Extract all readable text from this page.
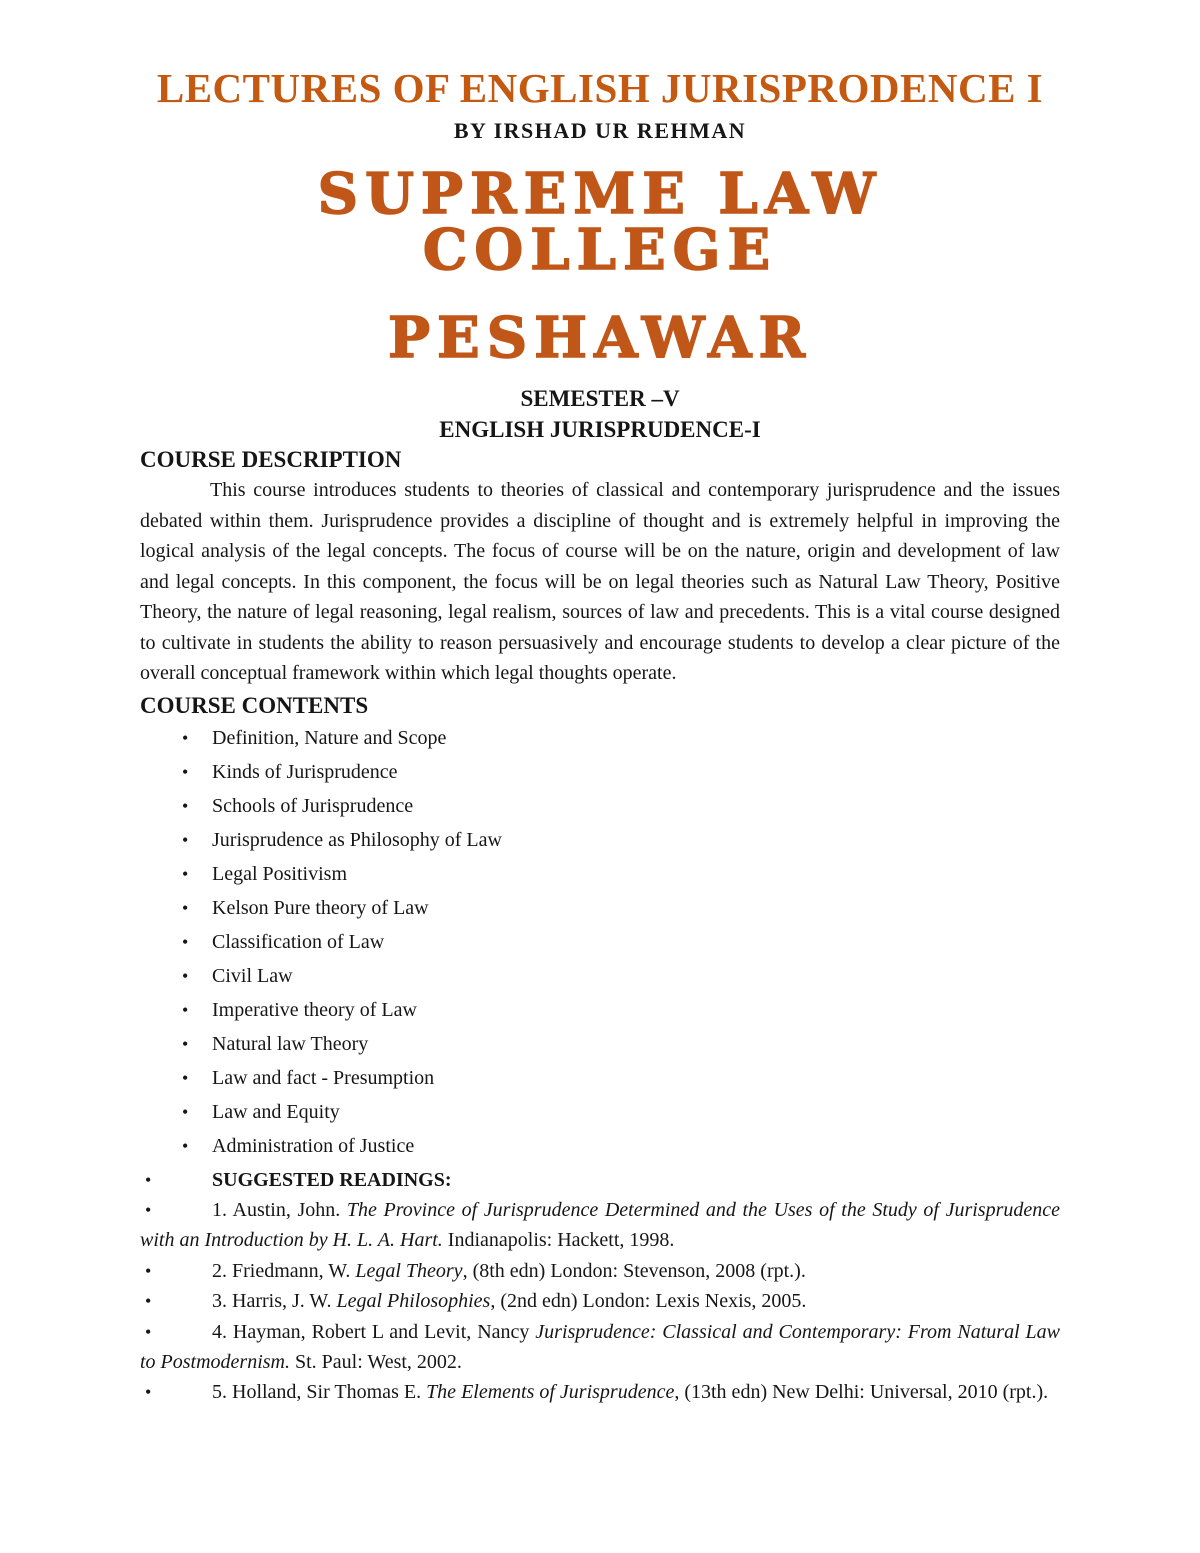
LECTURES OF ENGLISH JURISPRODENCE I
BY IRSHAD UR REHMAN
SUPREME LAW COLLEGE
PESHAWAR
SEMESTER –V
ENGLISH JURISPRUDENCE-I
COURSE DESCRIPTION

This course introduces students to theories of classical and contemporary jurisprudence and the issues debated within them. Jurisprudence provides a discipline of thought and is extremely helpful in improving the logical analysis of the legal concepts. The focus of course will be on the nature, origin and development of law and legal concepts. In this component, the focus will be on legal theories such as Natural Law Theory, Positive Theory, the nature of legal reasoning, legal realism, sources of law and precedents. This is a vital course designed to cultivate in students the ability to reason persuasively and encourage students to develop a clear picture of the overall conceptual framework within which legal thoughts operate.

COURSE CONTENTS
• Definition, Nature and Scope
• Kinds of Jurisprudence
• Schools of Jurisprudence
• Jurisprudence as Philosophy of Law
• Legal Positivism
• Kelson Pure theory of Law
• Classification of Law
• Civil Law
• Imperative theory of Law
• Natural law Theory
• Law and fact - Presumption
• Law and Equity
• Administration of Justice
•	SUGGESTED READINGS:
•	1. Austin, John. The Province of Jurisprudence Determined and the Uses of the Study of Jurisprudence with an Introduction by H. L. A. Hart. Indianapolis: Hackett, 1998.
•	2. Friedmann, W. Legal Theory, (8th edn) London: Stevenson, 2008 (rpt.).
•	3. Harris, J. W. Legal Philosophies, (2nd edn) London: Lexis Nexis, 2005.
•	4. Hayman, Robert L and Levit, Nancy Jurisprudence: Classical and Contemporary: From Natural Law to Postmodernism. St. Paul: West, 2002.
•	5. Holland, Sir Thomas E. The Elements of Jurisprudence, (13th edn) New Delhi: Universal, 2010 (rpt.).
